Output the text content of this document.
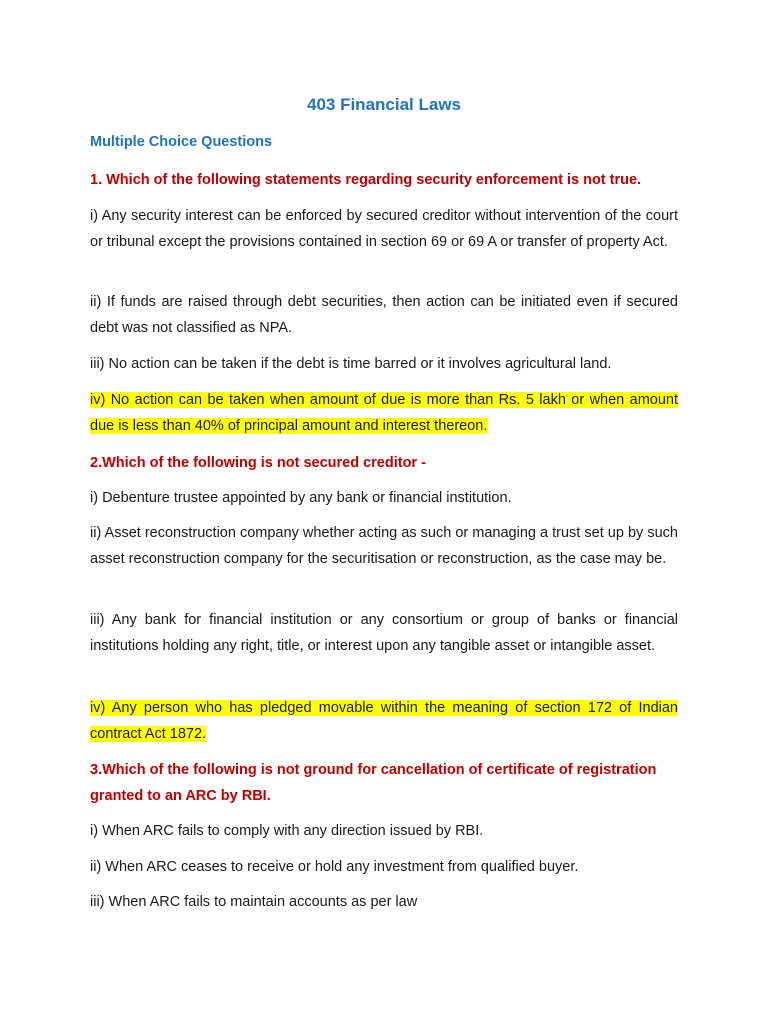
403 Financial Laws
Multiple Choice Questions

1. Which of the following statements regarding security enforcement is not true.

i) Any security interest can be enforced by secured creditor without intervention of the court or tribunal except the provisions contained in section 69 or 69 A or transfer of property Act.

ii) If funds are raised through debt securities, then action can be initiated even if secured debt was not classified as NPA.

iii) No action can be taken if the debt is time barred or it involves agricultural land.

iv) No action can be taken when amount of due is more than Rs. 5 lakh or when amount due is less than 40% of principal amount and interest thereon.

2.Which of the following is not secured creditor -

i) Debenture trustee appointed by any bank or financial institution.

ii) Asset reconstruction company whether acting as such or managing a trust set up by such asset reconstruction company for the securitisation or reconstruction, as the case may be.

iii) Any bank for financial institution or any consortium or group of banks or financial institutions holding any right, title, or interest upon any tangible asset or intangible asset.

iv) Any person who has pledged movable within the meaning of section 172 of Indian contract Act 1872.

3.Which of the following is not ground for cancellation of certificate of registration granted to an ARC by RBI.

i) When ARC fails to comply with any direction issued by RBI.

ii) When ARC ceases to receive or hold any investment from qualified buyer.

iii) When ARC fails to maintain accounts as per law
